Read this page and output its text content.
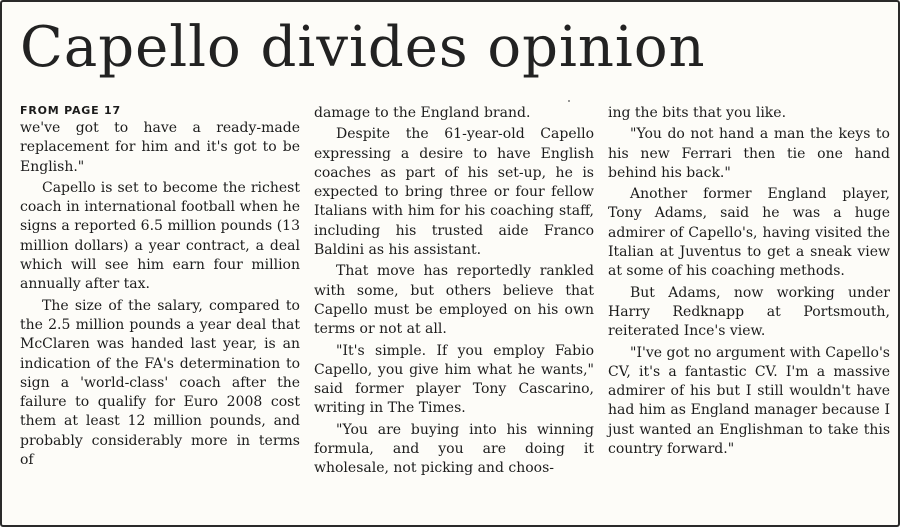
Capello divides opinion
FROM PAGE 17

we've got to have a ready-made replacement for him and it's got to be English."

Capello is set to become the richest coach in international football when he signs a reported 6.5 million pounds (13 million dollars) a year contract, a deal which will see him earn four million annually after tax.

The size of the salary, compared to the 2.5 million pounds a year deal that McClaren was handed last year, is an indication of the FA's determination to sign a 'world-class' coach after the failure to qualify for Euro 2008 cost them at least 12 million pounds, and probably considerably more in terms of

damage to the England brand.

Despite the 61-year-old Capello expressing a desire to have English coaches as part of his set-up, he is expected to bring three or four fellow Italians with him for his coaching staff, including his trusted aide Franco Baldini as his assistant.

That move has reportedly rankled with some, but others believe that Capello must be employed on his own terms or not at all.

"It's simple. If you employ Fabio Capello, you give him what he wants," said former player Tony Cascarino, writing in The Times.

"You are buying into his winning formula, and you are doing it wholesale, not picking and choos-

ing the bits that you like.

"You do not hand a man the keys to his new Ferrari then tie one hand behind his back."

Another former England player, Tony Adams, said he was a huge admirer of Capello's, having visited the Italian at Juventus to get a sneak view at some of his coaching methods.

But Adams, now working under Harry Redknapp at Portsmouth, reiterated Ince's view.

"I've got no argument with Capello's CV, it's a fantastic CV. I'm a massive admirer of his but I still wouldn't have had him as England manager because I just wanted an Englishman to take this country forward."
